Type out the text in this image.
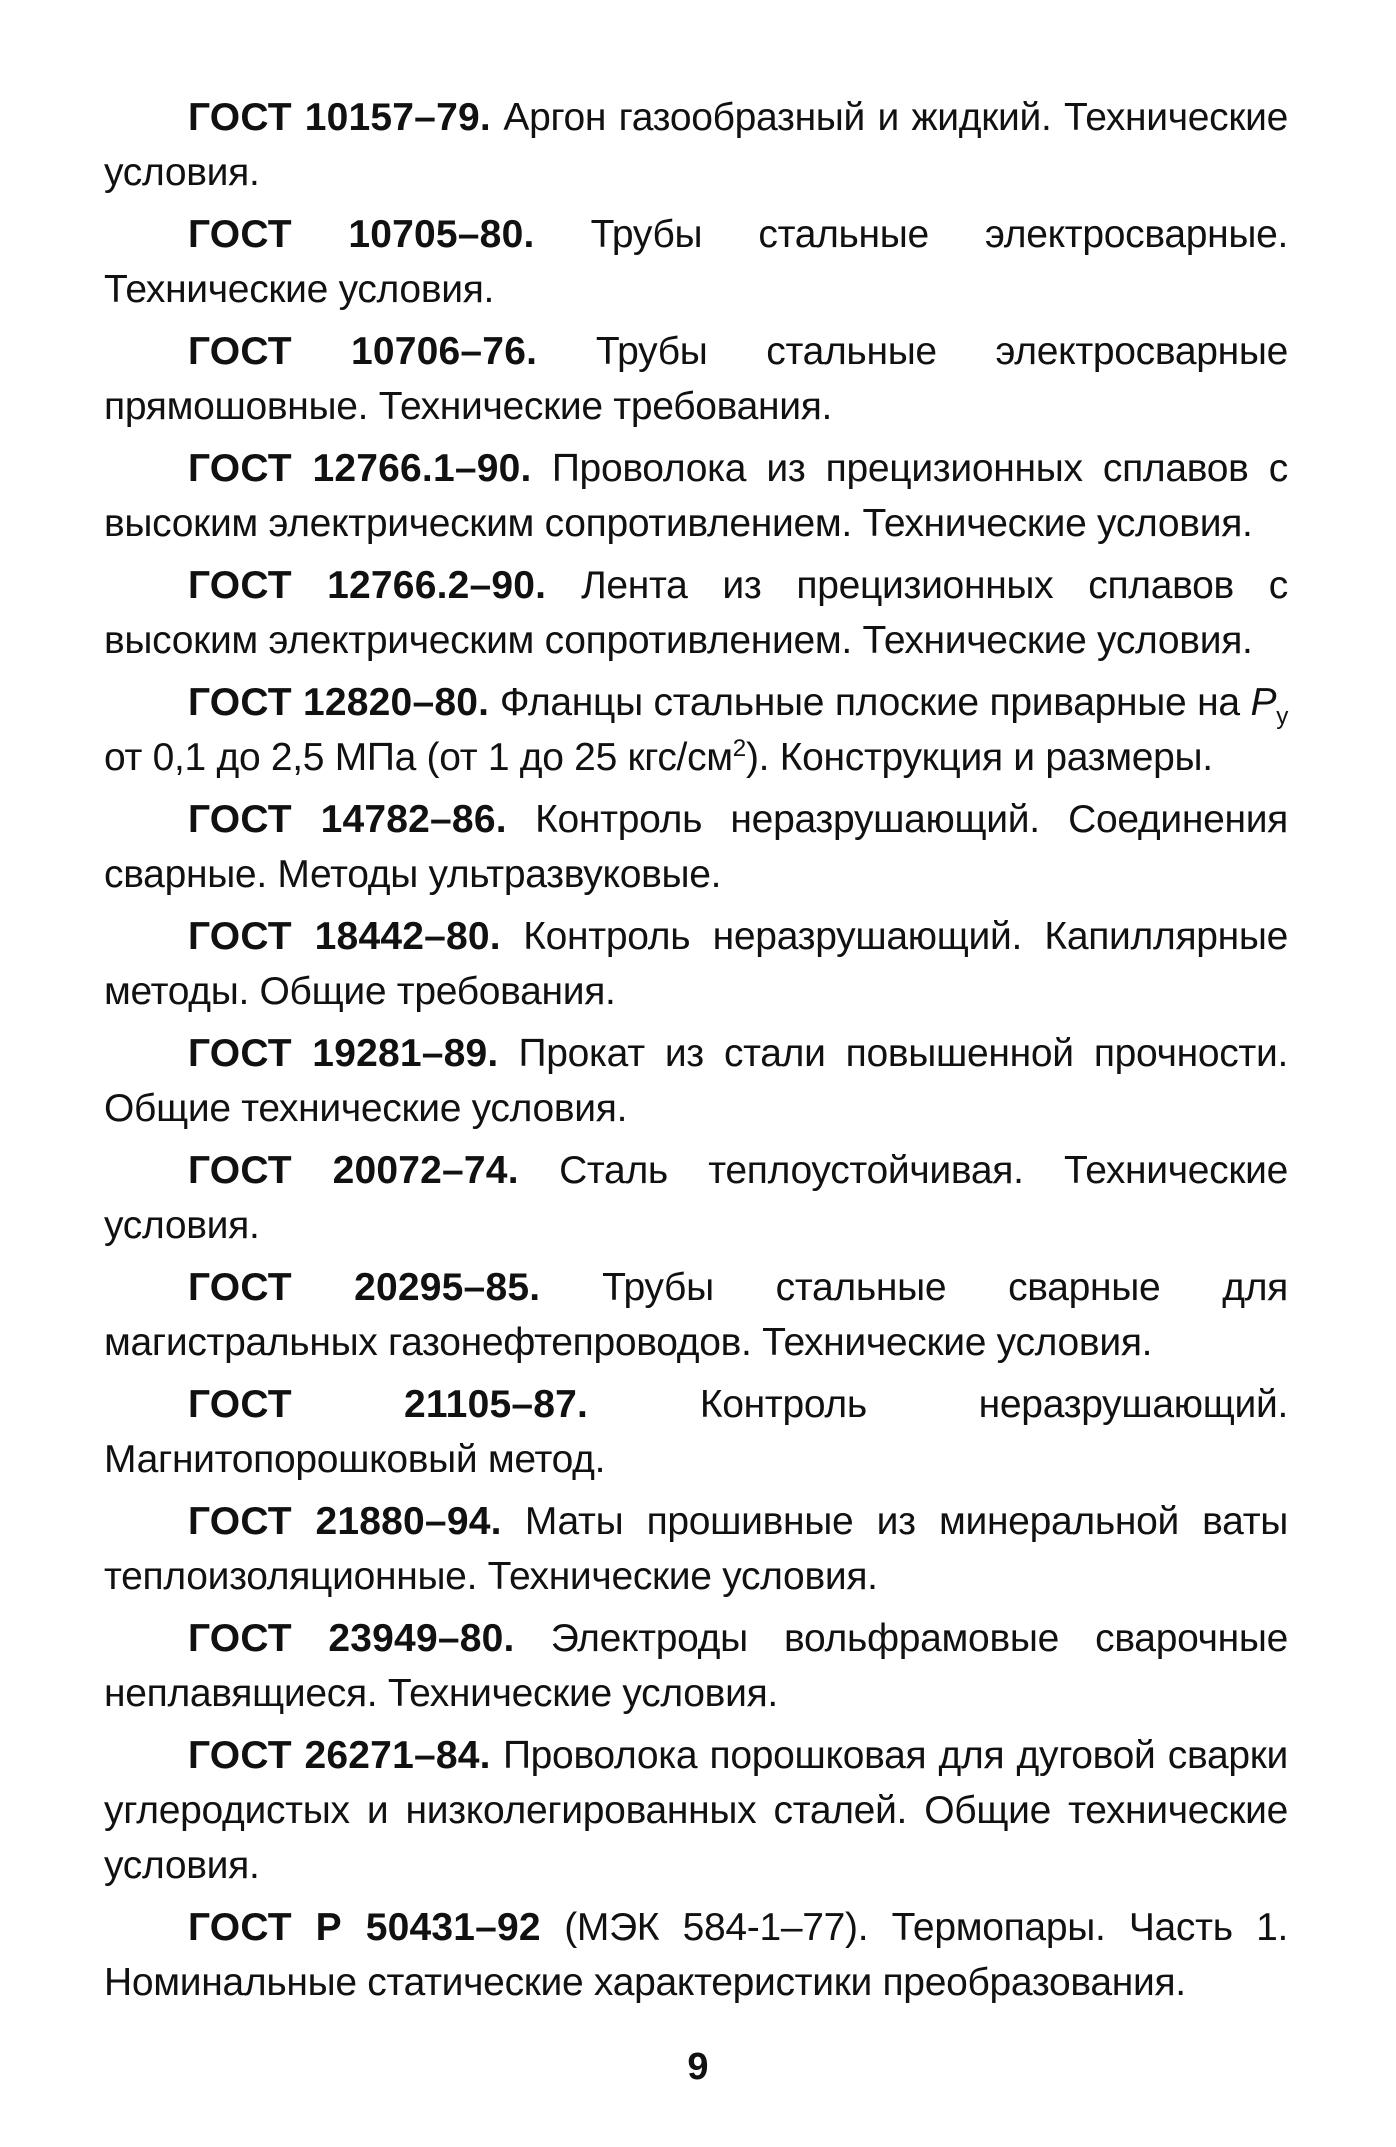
ГОСТ 10157–79. Аргон газообразный и жидкий. Технические условия.

ГОСТ 10705–80. Трубы стальные электросварные. Технические условия.

ГОСТ 10706–76. Трубы стальные электросварные прямошовные. Технические требования.

ГОСТ 12766.1–90. Проволока из прецизионных сплавов с высоким электрическим сопротивлением. Технические условия.

ГОСТ 12766.2–90. Лента из прецизионных сплавов с высоким электрическим сопротивлением. Технические условия.

ГОСТ 12820–80. Фланцы стальные плоские приварные на $P_у$ от 0,1 до 2,5 МПа (от 1 до 25 кгс/$см^2$). Конструкция и размеры.

ГОСТ 14782–86. Контроль неразрушающий. Соединения сварные. Методы ультразвуковые.

ГОСТ 18442–80. Контроль неразрушающий. Капиллярные методы. Общие требования.

ГОСТ 19281–89. Прокат из стали повышенной прочности. Общие технические условия.

ГОСТ 20072–74. Сталь теплоустойчивая. Технические условия.

ГОСТ 20295–85. Трубы стальные сварные для магистральных газонефтепроводов. Технические условия.

ГОСТ 21105–87. Контроль неразрушающий. Магнитопорошковый метод.

ГОСТ 21880–94. Маты прошивные из минеральной ваты теплоизоляционные. Технические условия.

ГОСТ 23949–80. Электроды вольфрамовые сварочные неплавящиеся. Технические условия.

ГОСТ 26271–84. Проволока порошковая для дуговой сварки углеродистых и низколегированных сталей. Общие технические условия.

ГОСТ Р 50431–92 (МЭК 584-1–77). Термопары. Часть 1. Номинальные статические характеристики преобразования.

9
